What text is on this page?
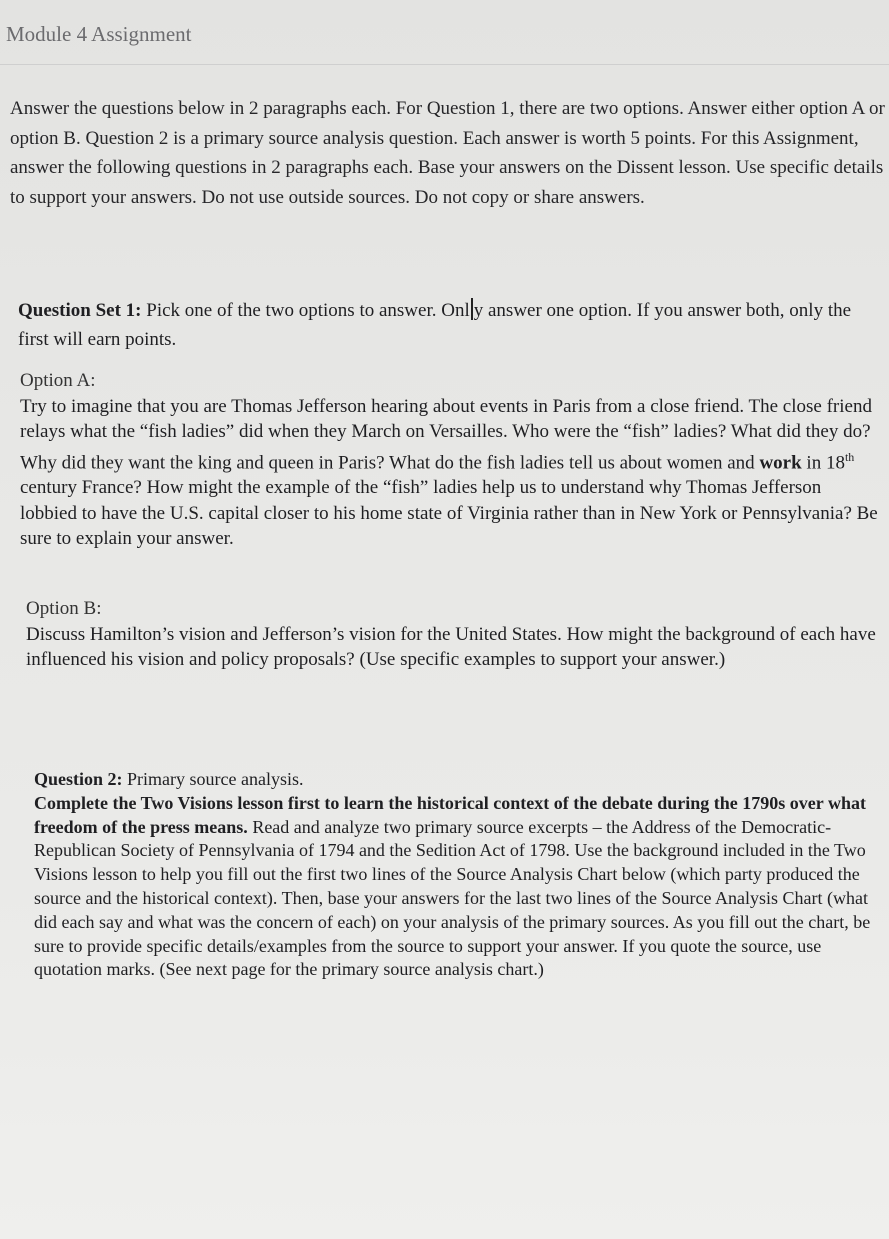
Module 4 Assignment

Answer the questions below in 2 paragraphs each. For Question 1, there are two options. Answer either option A or option B. Question 2 is a primary source analysis question. Each answer is worth 5 points. For this Assignment, answer the following questions in 2 paragraphs each. Base your answers on the Dissent lesson. Use specific details to support your answers. Do not use outside sources. Do not copy or share answers.

Question Set 1: Pick one of the two options to answer. Onl y answer one option. If you answer both, only the first will earn points.

Option A:
Try to imagine that you are Thomas Jefferson hearing about events in Paris from a close friend. The close friend relays what the “fish ladies” did when they March on Versailles. Who were the “fish” ladies? What did they do? Why did they want the king and queen in Paris? What do the fish ladies tell us about women and work in 18th century France? How might the example of the “fish” ladies help us to understand why Thomas Jefferson lobbied to have the U.S. capital closer to his home state of Virginia rather than in New York or Pennsylvania? Be sure to explain your answer.

Option B:
Discuss Hamilton’s vision and Jefferson’s vision for the United States. How might the background of each have influenced his vision and policy proposals? (Use specific examples to support your answer.)

Question 2: Primary source analysis.
Complete the Two Visions lesson first to learn the historical context of the debate during the 1790s over what freedom of the press means. Read and analyze two primary source excerpts – the Address of the Democratic-Republican Society of Pennsylvania of 1794 and the Sedition Act of 1798. Use the background included in the Two Visions lesson to help you fill out the first two lines of the Source Analysis Chart below (which party produced the source and the historical context). Then, base your answers for the last two lines of the Source Analysis Chart (what did each say and what was the concern of each) on your analysis of the primary sources. As you fill out the chart, be sure to provide specific details/examples from the source to support your answer. If you quote the source, use quotation marks. (See next page for the primary source analysis chart.)
